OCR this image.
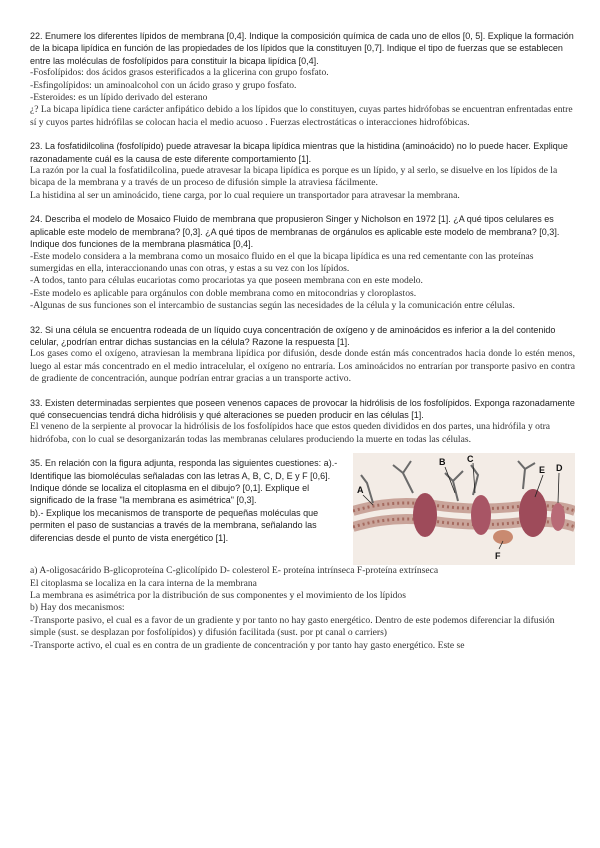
22. Enumere los diferentes lípidos de membrana [0,4]. Indique la composición química de cada uno de ellos [0, 5]. Explique la formación de la bicapa lipídica en función de las propiedades de los lípidos que la constituyen [0,7]. Indique el tipo de fuerzas que se establecen entre las moléculas de fosfolípidos para constituir la bicapa lipídica [0,4].

-Fosfolípidos: dos ácidos grasos esterificados a la glicerina con grupo fosfato.

-Esfingolípidos: un aminoalcohol con un ácido graso y grupo fosfato.

-Esteroides: es un lípido derivado del esterano

¿? La bicapa lipídica tiene carácter anfipático debido a los lípidos que lo constituyen, cuyas partes hidrófobas se encuentran enfrentadas entre sí y cuyos partes hidrófilas se colocan hacia el medio acuoso . Fuerzas electrostáticas o interacciones hidrofóbicas.

23. La fosfatidilcolina (fosfolípido) puede atravesar la bicapa lipídica mientras que la histidina (aminoácido) no lo puede hacer. Explique razonadamente cuál es la causa de este diferente comportamiento [1].

La razón por la cual la fosfatidilcolina, puede atravesar la bicapa lipídica es porque es un lípido, y al serlo, se disuelve en los lípidos de la bicapa de la membrana y a través de un proceso de difusión simple la atraviesa fácilmente.

La histidina al ser un aminoácido, tiene carga, por lo cual requiere un transportador para atravesar la membrana.

24. Describa el modelo de Mosaico Fluido de membrana que propusieron Singer y Nicholson en 1972 [1]. ¿A qué tipos celulares es aplicable este modelo de membrana? [0,3]. ¿A qué tipos de membranas de orgánulos es aplicable este modelo de membrana? [0,3]. Indique dos funciones de la membrana plasmática [0,4].

-Este modelo considera a la membrana como un mosaico fluido en el que la bicapa lipídica es una red cementante con las proteínas sumergidas en ella, interaccionando unas con otras, y estas a su vez con los lípidos.

-A todos, tanto para células eucariotas como procariotas ya que poseen membrana con en este modelo.

-Este modelo es aplicable para orgánulos con doble membrana como en mitocondrias y cloroplastos.

-Algunas de sus funciones son el intercambio de sustancias según las necesidades de la célula y la comunicación entre células.

32. Si una célula se encuentra rodeada de un líquido cuya concentración de oxígeno y de aminoácidos es inferior a la del contenido celular, ¿podrían entrar dichas sustancias en la célula? Razone la respuesta [1].

Los gases como el oxígeno, atraviesan la membrana lipídica por difusión, desde donde están más concentrados hacia donde lo estén menos, luego al estar más concentrado en el medio intracelular, el oxígeno no entraría. Los aminoácidos no entrarían por transporte pasivo en contra de gradiente de concentración, aunque podrían entrar gracias a un transporte activo.

33. Existen determinadas serpientes que poseen venenos capaces de provocar la hidrólisis de los fosfolípidos. Exponga razonadamente qué consecuencias tendrá dicha hidrólisis y qué alteraciones se pueden producir en las células [1].

El veneno de la serpiente al provocar la hidrólisis de los fosfolípidos hace que estos queden divididos en dos partes, una hidrófila y otra hidrófoba, con lo cual se desorganizarán todas las membranas celulares produciendo la muerte en todas las células.

35. En relación con la figura adjunta, responda las siguientes cuestiones: a).- Identifique las biomoléculas señaladas con las letras A, B, C, D, E y F [0,6]. Indique dónde se localiza el citoplasma en el dibujo? [0,1]. Explique el significado de la frase "la membrana es asimétrica" [0,3].

b).- Explique los mecanismos de transporte de pequeñas moléculas que permiten el paso de sustancias a través de la membrana, señalando las diferencias desde el punto de vista energético [1].

B C
E D
A
F

a) A-oligosacárido B-glicoproteína C-glicolípido D- colesterol E- proteína intrínseca F-proteína extrínseca

El citoplasma se localiza en la cara interna de la membrana

La membrana es asimétrica por la distribución de sus componentes y el movimiento de los lípidos

b) Hay dos mecanismos:

-Transporte pasivo, el cual es a favor de un gradiente y por tanto no hay gasto energético. Dentro de este podemos diferenciar la difusión simple (sust. se desplazan por fosfolípidos) y difusión facilitada (sust. por pt canal o carriers)

-Transporte activo, el cual es en contra de un gradiente de concentración y por tanto hay gasto energético. Este se
